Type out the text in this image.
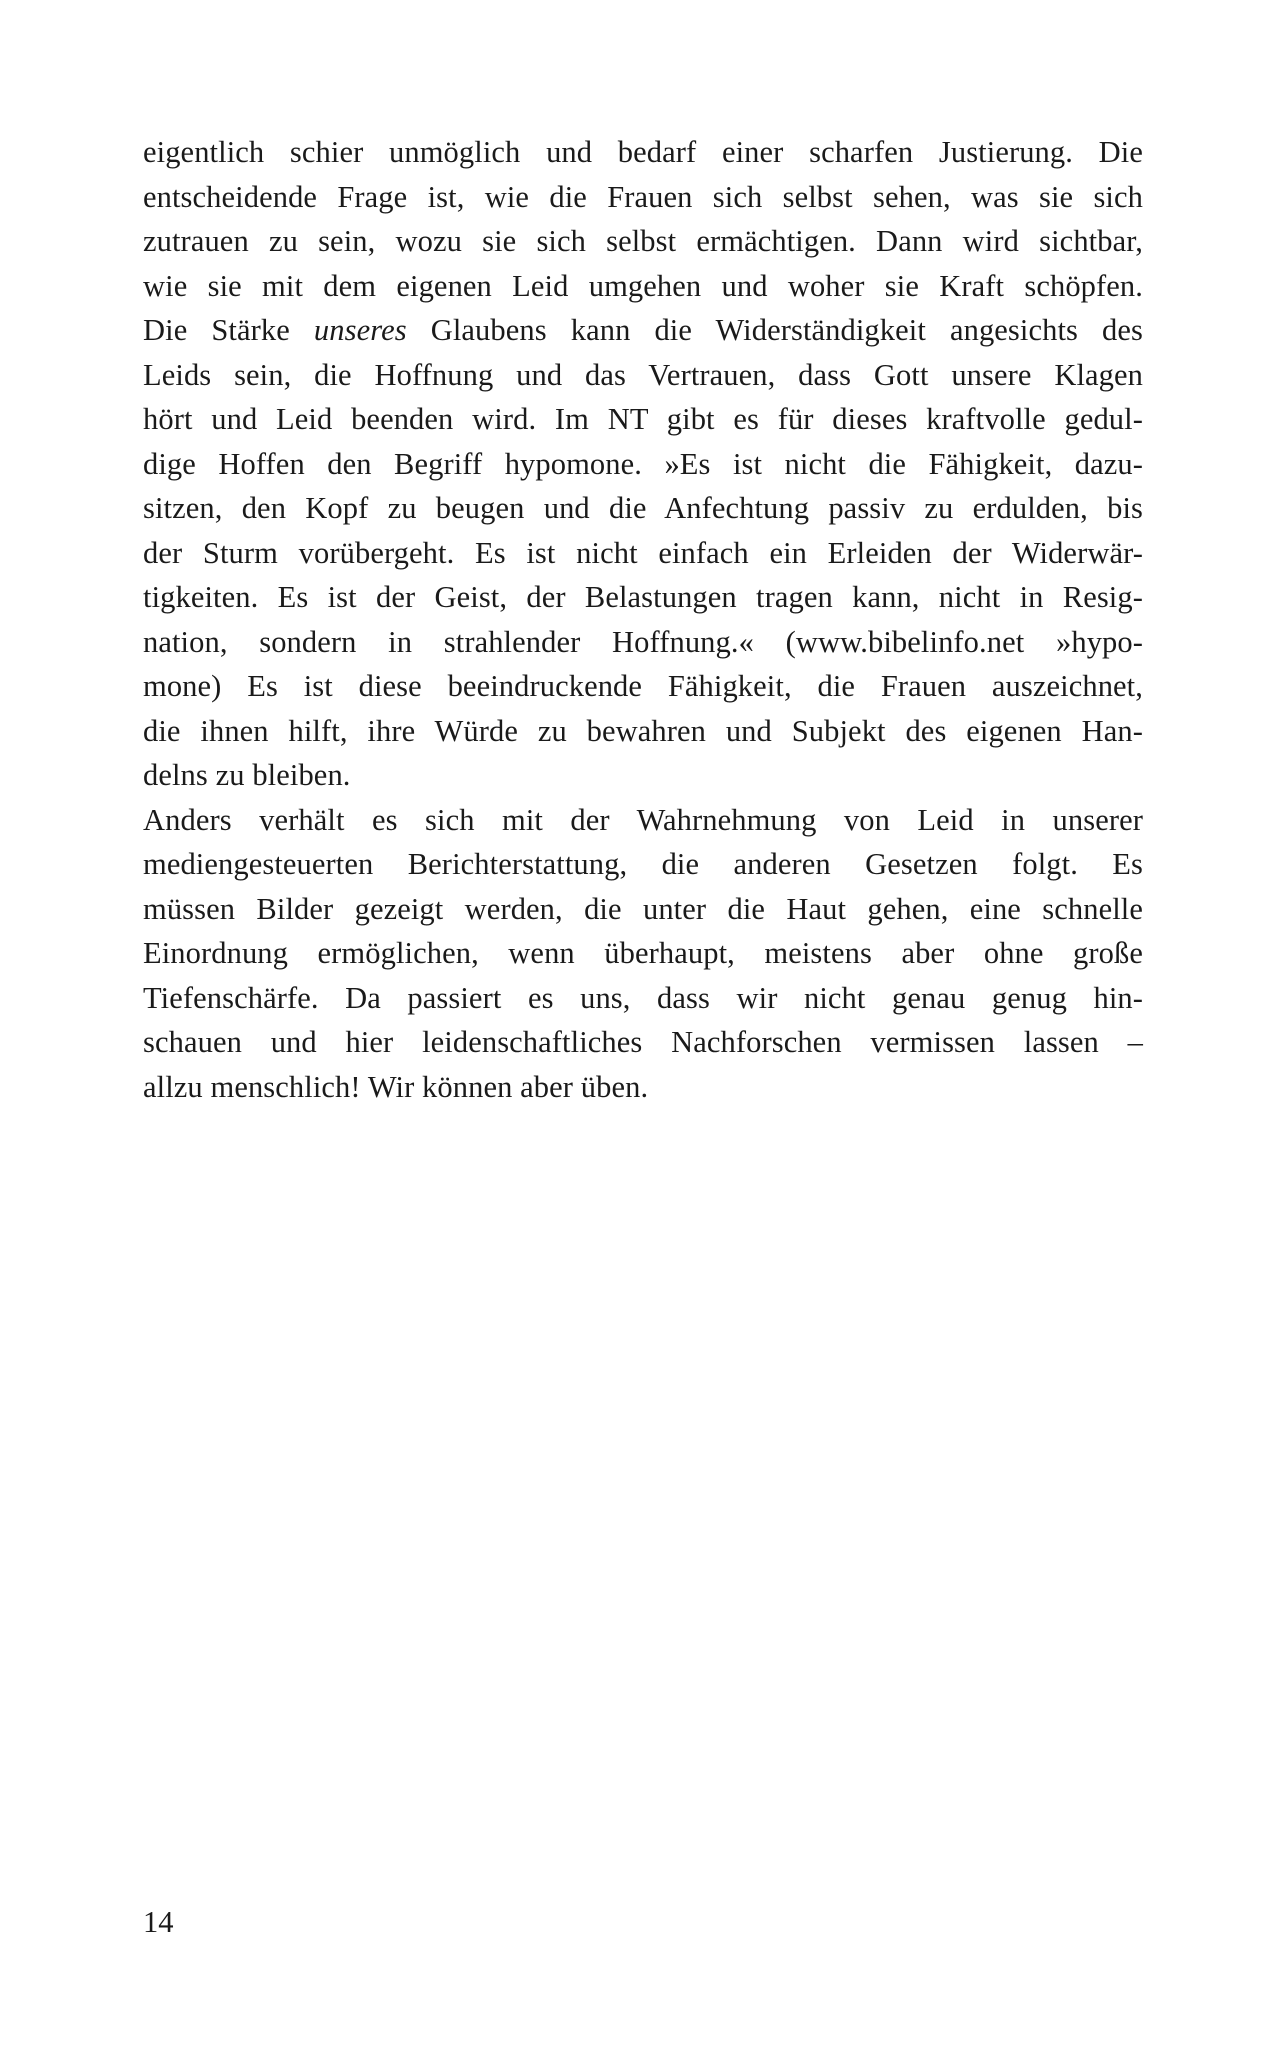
eigentlich schier unmöglich und bedarf einer scharfen Justierung. Die
entscheidende Frage ist, wie die Frauen sich selbst sehen, was sie sich
zutrauen zu sein, wozu sie sich selbst ermächtigen. Dann wird sichtbar,
wie sie mit dem eigenen Leid umgehen und woher sie Kraft schöpfen.
Die Stärke unseres Glaubens kann die Widerständigkeit angesichts des
Leids sein, die Hoffnung und das Vertrauen, dass Gott unsere Klagen
hört und Leid beenden wird. Im NT gibt es für dieses kraftvolle gedul-
dige Hoffen den Begriff hypomone. »Es ist nicht die Fähigkeit, dazu-
sitzen, den Kopf zu beugen und die Anfechtung passiv zu erdulden, bis
der Sturm vorübergeht. Es ist nicht einfach ein Erleiden der Widerwär-
tigkeiten. Es ist der Geist, der Belastungen tragen kann, nicht in Resig-
nation, sondern in strahlender Hoffnung.« (www.bibelinfo.net »hypo-
mone) Es ist diese beeindruckende Fähigkeit, die Frauen auszeichnet,
die ihnen hilft, ihre Würde zu bewahren und Subjekt des eigenen Han-
delns zu bleiben.
Anders verhält es sich mit der Wahrnehmung von Leid in unserer
mediengesteuerten Berichterstattung, die anderen Gesetzen folgt. Es
müssen Bilder gezeigt werden, die unter die Haut gehen, eine schnelle
Einordnung ermöglichen, wenn überhaupt, meistens aber ohne große
Tiefenschärfe. Da passiert es uns, dass wir nicht genau genug hin-
schauen und hier leidenschaftliches Nachforschen vermissen lassen –
allzu menschlich! Wir können aber üben.
14
